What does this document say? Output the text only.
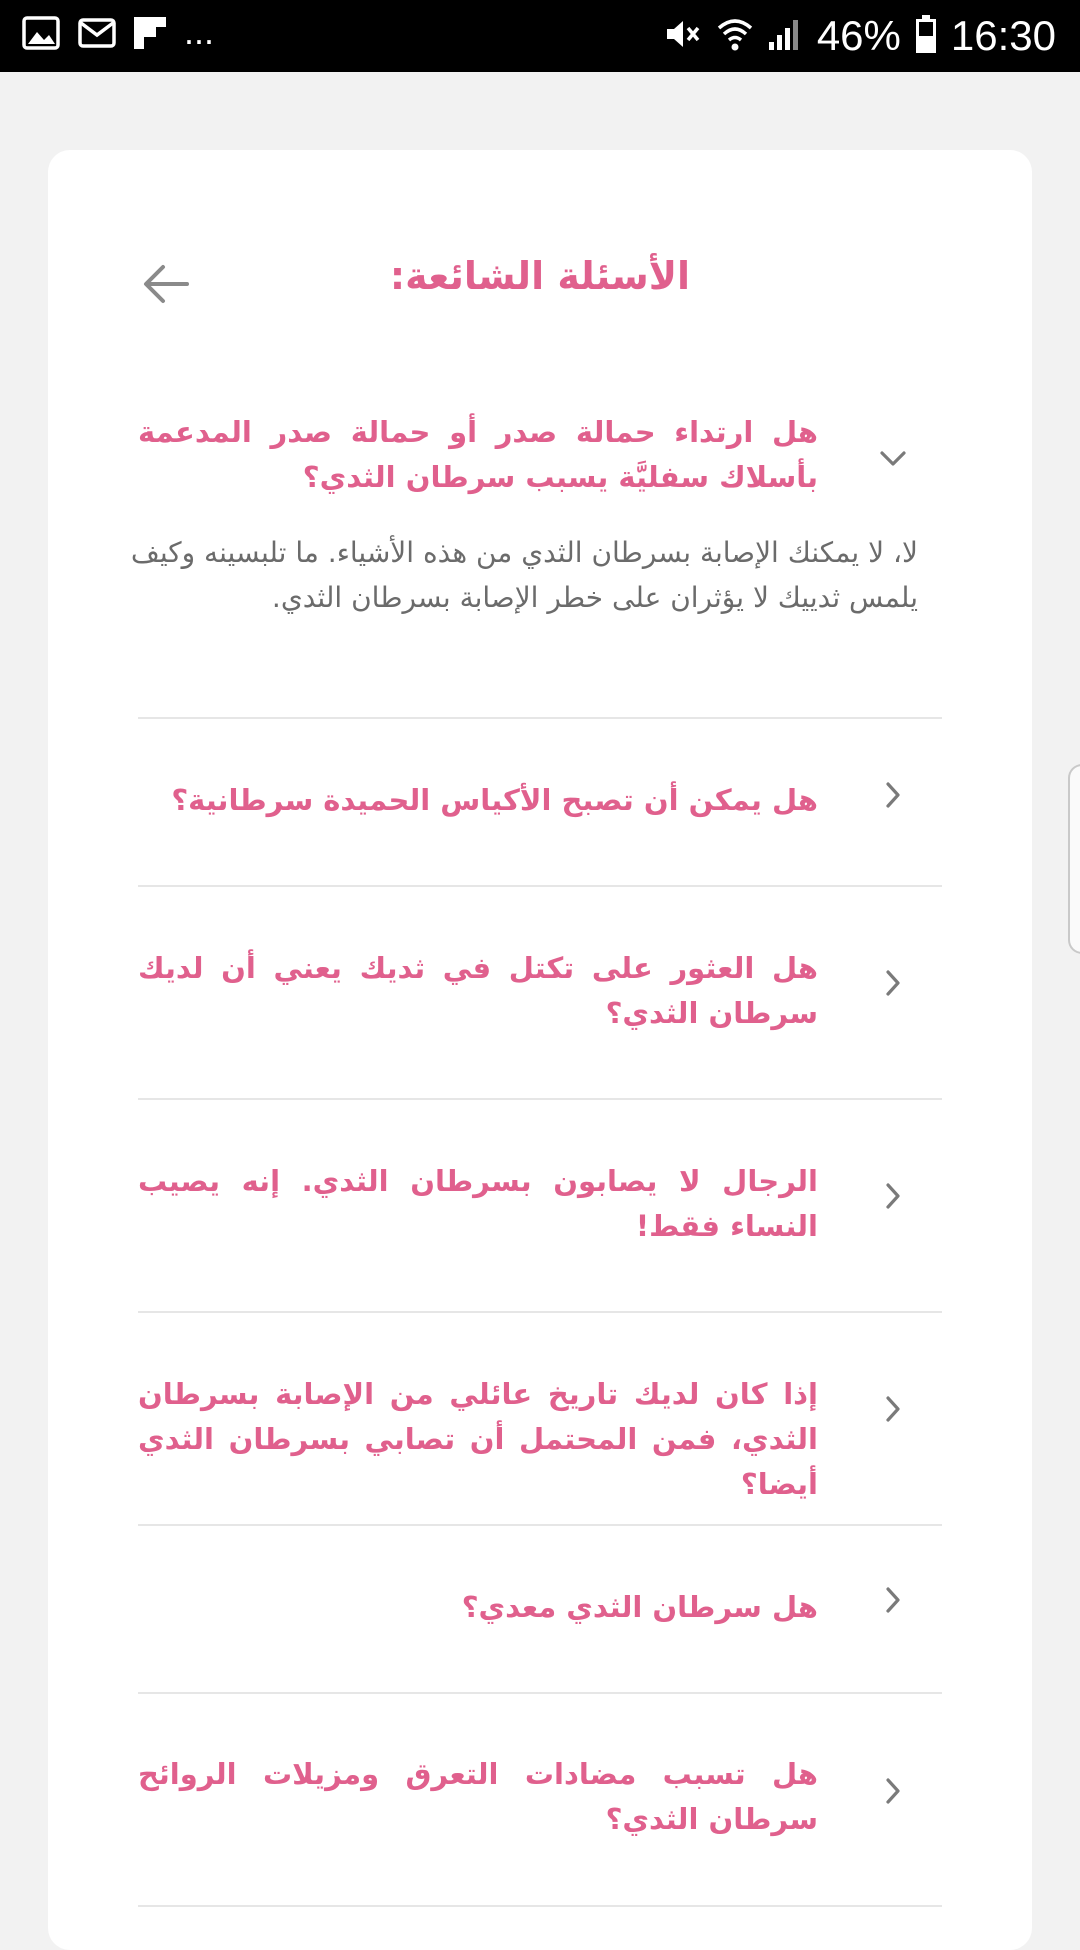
...	46% 16:30
الأسئلة الشائعة:
هل ارتداء حمالة صدر أو حمالة صدر المدعمة بأسلاك سفليَّة يسبب سرطان الثدي؟
لا، لا يمكنك الإصابة بسرطان الثدي من هذه الأشياء. ما تلبسينه وكيف يلمس ثدييك لا يؤثران على خطر الإصابة بسرطان الثدي.
هل يمكن أن تصبح الأكياس الحميدة سرطانية؟
هل العثور على تكتل في ثديك يعني أن لديك سرطان الثدي؟
الرجال لا يصابون بسرطان الثدي. إنه يصيب النساء فقط!
إذا كان لديك تاريخ عائلي من الإصابة بسرطان الثدي، فمن المحتمل أن تصابي بسرطان الثدي أيضا؟
هل سرطان الثدي معدي؟
هل تسبب مضادات التعرق ومزيلات الروائح سرطان الثدي؟
